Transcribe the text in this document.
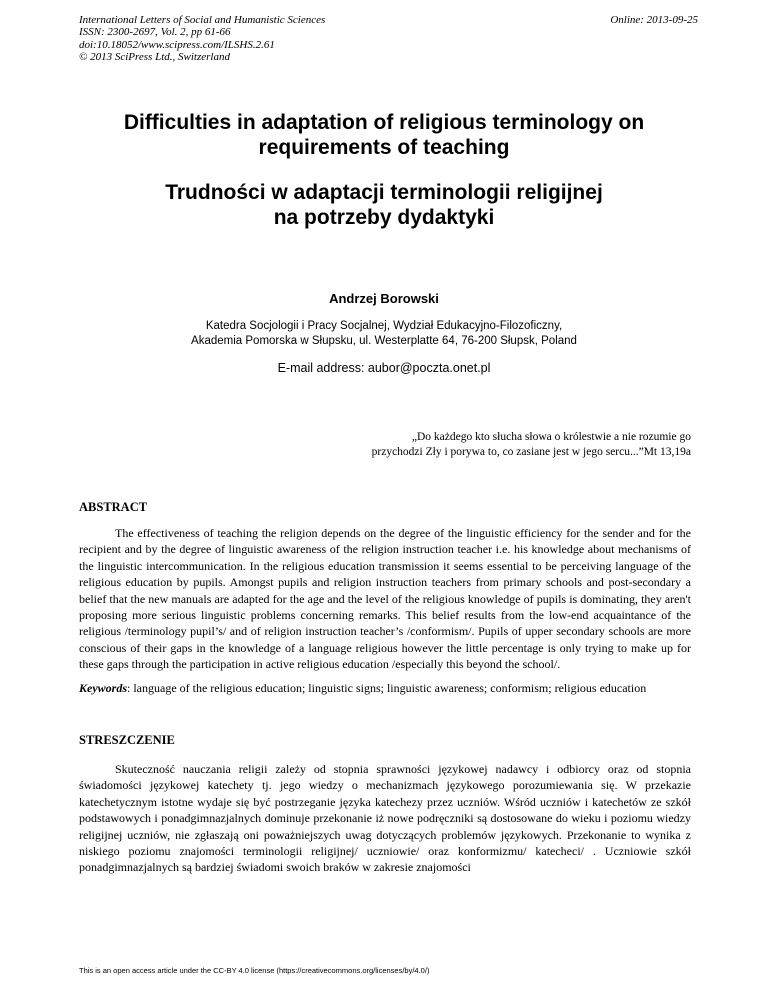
International Letters of Social and Humanistic Sciences
ISSN: 2300-2697, Vol. 2, pp 61-66
doi:10.18052/www.scipress.com/ILSHS.2.61
© 2013 SciPress Ltd., Switzerland
Online: 2013-09-25
Difficulties in adaptation of religious terminology on
requirements of teaching
Trudności w adaptacji terminologii religijnej
na potrzeby dydaktyki
Andrzej Borowski
Katedra Socjologii i Pracy Socjalnej, Wydział Edukacyjno-Filozoficzny,
Akademia Pomorska w Słupsku, ul. Westerplatte 64, 76-200 Słupsk, Poland
E-mail address: aubor@poczta.onet.pl
„Do każdego kto słucha słowa o królestwie a nie rozumie go
przychodzi Zły i porywa to, co zasiane jest w jego sercu...”Mt 13,19a
ABSTRACT

The effectiveness of teaching the religion depends on the degree of the linguistic efficiency for the sender and for the recipient and by the degree of linguistic awareness of the religion instruction teacher i.e. his knowledge about mechanisms of the linguistic intercommunication. In the religious education transmission it seems essential to be perceiving language of the religious education by pupils. Amongst pupils and religion instruction teachers from primary schools and post-secondary a belief that the new manuals are adapted for the age and the level of the religious knowledge of pupils is dominating, they aren't proposing more serious linguistic problems concerning remarks. This belief results from the low-end acquaintance of the religious /terminology pupil’s/ and of religion instruction teacher’s /conformism/. Pupils of upper secondary schools are more conscious of their gaps in the knowledge of a language religious however the little percentage is only trying to make up for these gaps through the participation in active religious education /especially this beyond the school/.

Keywords: language of the religious education; linguistic signs; linguistic awareness; conformism; religious education

STRESZCZENIE

Skuteczność nauczania religii zależy od stopnia sprawności językowej nadawcy i odbiorcy oraz od stopnia świadomości językowej katechety tj. jego wiedzy o mechanizmach językowego porozumiewania się. W przekazie katechetycznym istotne wydaje się być postrzeganie języka katechezy przez uczniów. Wśród uczniów i katechetów ze szkół podstawowych i ponadgimnazjalnych dominuje przekonanie iż nowe podręczniki są dostosowane do wieku i poziomu wiedzy religijnej uczniów, nie zgłaszają oni poważniejszych uwag dotyczących problemów językowych. Przekonanie to wynika z niskiego poziomu znajomości terminologii religijnej/ uczniowie/ oraz konformizmu/ katecheci/ . Uczniowie szkół ponadgimnazjalnych są bardziej świadomi swoich braków w zakresie znajomości

This is an open access article under the CC-BY 4.0 license (https://creativecommons.org/licenses/by/4.0/)
